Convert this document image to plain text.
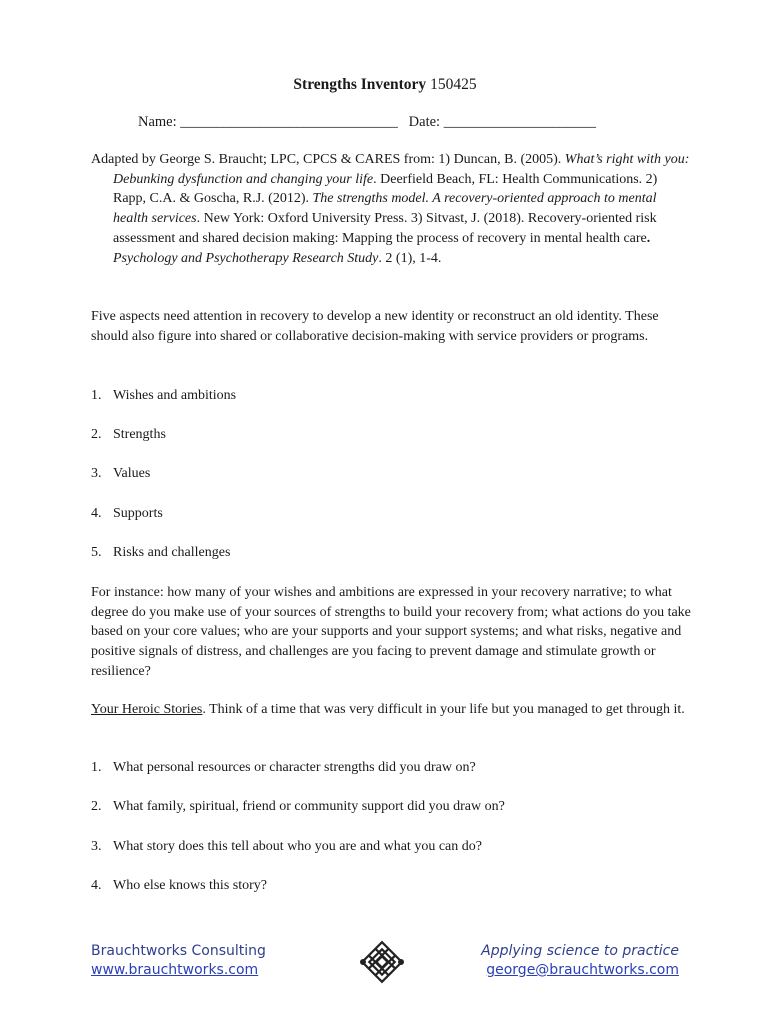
Strengths Inventory 150425
Name: ______________________________ Date: _____________________
Adapted by George S. Braucht; LPC, CPCS & CARES from: 1) Duncan, B. (2005). What’s right with you: Debunking dysfunction and changing your life. Deerfield Beach, FL: Health Communications. 2) Rapp, C.A. & Goscha, R.J. (2012). The strengths model. A recovery-oriented approach to mental health services. New York: Oxford University Press. 3) Sitvast, J. (2018). Recovery-oriented risk assessment and shared decision making: Mapping the process of recovery in mental health care. Psychology and Psychotherapy Research Study. 2 (1), 1-4.
Five aspects need attention in recovery to develop a new identity or reconstruct an old identity. These should also figure into shared or collaborative decision-making with service providers or programs.
1. Wishes and ambitions
2. Strengths
3. Values
4. Supports
5. Risks and challenges
For instance: how many of your wishes and ambitions are expressed in your recovery narrative; to what degree do you make use of your sources of strengths to build your recovery from; what actions do you take based on your core values; who are your supports and your support systems; and what risks, negative and positive signals of distress, and challenges are you facing to prevent damage and stimulate growth or resilience?
Your Heroic Stories. Think of a time that was very difficult in your life but you managed to get through it.
1. What personal resources or character strengths did you draw on?
2. What family, spiritual, friend or community support did you draw on?
3. What story does this tell about who you are and what you can do?
4. Who else knows this story?
Brauchtworks Consulting
www.brauchtworks.com
Applying science to practice
george@brauchtworks.com
